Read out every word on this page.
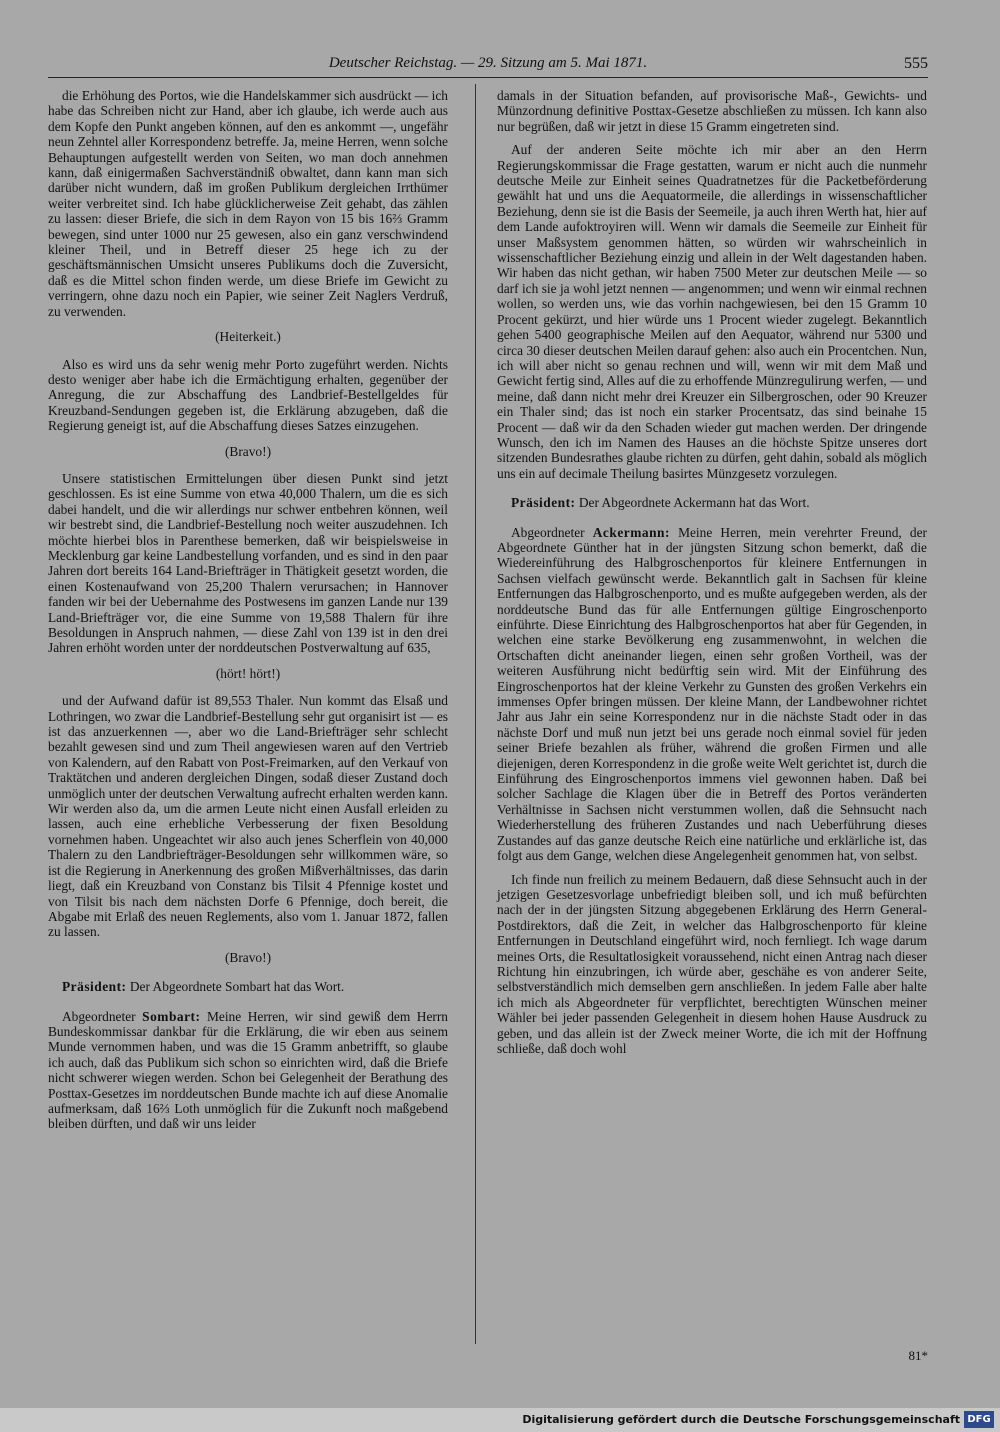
Deutscher Reichstag. — 29. Sitzung am 5. Mai 1871.	555

die Erhöhung des Portos, wie die Handelskammer sich ausdrückt — ich habe das Schreiben nicht zur Hand, aber ich glaube, ich werde auch aus dem Kopfe den Punkt angeben können, auf den es ankommt —, ungefähr neun Zehntel aller Korrespondenz betreffe. Ja, meine Herren, wenn solche Behauptungen aufgestellt werden von Seiten, wo man doch annehmen kann, daß einigermaßen Sachverständniß obwaltet, dann kann man sich darüber nicht wundern, daß im großen Publikum dergleichen Irrthümer weiter verbreitet sind. Ich habe glücklicherweise Zeit gehabt, das zählen zu lassen: dieser Briefe, die sich in dem Rayon von 15 bis 16⅔ Gramm bewegen, sind unter 1000 nur 25 gewesen, also ein ganz verschwindend kleiner Theil, und in Betreff dieser 25 hege ich zu der geschäftsmännischen Umsicht unseres Publikums doch die Zuversicht, daß es die Mittel schon finden werde, um diese Briefe im Gewicht zu verringern, ohne dazu noch ein Papier, wie seiner Zeit Naglers Verdruß, zu verwenden.

(Heiterkeit.)

Also es wird uns da sehr wenig mehr Porto zugeführt werden. Nichts desto weniger aber habe ich die Ermächtigung erhalten, gegenüber der Anregung, die zur Abschaffung des Landbrief-Bestellgeldes für Kreuzband-Sendungen gegeben ist, die Erklärung abzugeben, daß die Regierung geneigt ist, auf die Abschaffung dieses Satzes einzugehen.

(Bravo!)

Unsere statistischen Ermittelungen über diesen Punkt sind jetzt geschlossen. Es ist eine Summe von etwa 40,000 Thalern, um die es sich dabei handelt, und die wir allerdings nur schwer entbehren können, weil wir bestrebt sind, die Landbrief-Bestellung noch weiter auszudehnen. Ich möchte hierbei blos in Parenthese bemerken, daß wir beispielsweise in Mecklenburg gar keine Landbestellung vorfanden, und es sind in den paar Jahren dort bereits 164 Land-Briefträger in Thätigkeit gesetzt worden, die einen Kostenaufwand von 25,200 Thalern verursachen; in Hannover fanden wir bei der Uebernahme des Postwesens im ganzen Lande nur 139 Land-Briefträger vor, die eine Summe von 19,588 Thalern für ihre Besoldungen in Anspruch nahmen, — diese Zahl von 139 ist in den drei Jahren erhöht worden unter der norddeutschen Postverwaltung auf 635,

(hört! hört!)

und der Aufwand dafür ist 89,553 Thaler. Nun kommt das Elsaß und Lothringen, wo zwar die Landbrief-Bestellung sehr gut organisirt ist — es ist das anzuerkennen —, aber wo die Land-Briefträger sehr schlecht bezahlt gewesen sind und zum Theil angewiesen waren auf den Vertrieb von Kalendern, auf den Rabatt von Post-Freimarken, auf den Verkauf von Traktätchen und anderen dergleichen Dingen, sodaß dieser Zustand doch unmöglich unter der deutschen Verwaltung aufrecht erhalten werden kann. Wir werden also da, um die armen Leute nicht einen Ausfall erleiden zu lassen, auch eine erhebliche Verbesserung der fixen Besoldung vornehmen haben. Ungeachtet wir also auch jenes Scherflein von 40,000 Thalern zu den Landbriefträger-Besoldungen sehr willkommen wäre, so ist die Regierung in Anerkennung des großen Mißverhältnisses, das darin liegt, daß ein Kreuzband von Constanz bis Tilsit 4 Pfennige kostet und von Tilsit bis nach dem nächsten Dorfe 6 Pfennige, doch bereit, die Abgabe mit Erlaß des neuen Reglements, also vom 1. Januar 1872, fallen zu lassen.

(Bravo!)

Präsident: Der Abgeordnete Sombart hat das Wort.

Abgeordneter Sombart: Meine Herren, wir sind gewiß dem Herrn Bundeskommissar dankbar für die Erklärung, die wir eben aus seinem Munde vernommen haben, und was die 15 Gramm anbetrifft, so glaube ich auch, daß das Publikum sich schon so einrichten wird, daß die Briefe nicht schwerer wiegen werden. Schon bei Gelegenheit der Berathung des Posttax-Gesetzes im norddeutschen Bunde machte ich auf diese Anomalie aufmerksam, daß 16⅔ Loth unmöglich für die Zukunft noch maßgebend bleiben dürften, und daß wir uns leider

damals in der Situation befanden, auf provisorische Maß-, Gewichts- und Münzordnung definitive Posttax-Gesetze abschließen zu müssen. Ich kann also nur begrüßen, daß wir jetzt in diese 15 Gramm eingetreten sind.

Auf der anderen Seite möchte ich mir aber an den Herrn Regierungskommissar die Frage gestatten, warum er nicht auch die nunmehr deutsche Meile zur Einheit seines Quadratnetzes für die Packetbeförderung gewählt hat und uns die Aequatormeile, die allerdings in wissenschaftlicher Beziehung, denn sie ist die Basis der Seemeile, ja auch ihren Werth hat, hier auf dem Lande aufoktroyiren will. Wenn wir damals die Seemeile zur Einheit für unser Maßsystem genommen hätten, so würden wir wahrscheinlich in wissenschaftlicher Beziehung einzig und allein in der Welt dagestanden haben. Wir haben das nicht gethan, wir haben 7500 Meter zur deutschen Meile — so darf ich sie ja wohl jetzt nennen — angenommen; und wenn wir einmal rechnen wollen, so werden uns, wie das vorhin nachgewiesen, bei den 15 Gramm 10 Procent gekürzt, und hier würde uns 1 Procent wieder zugelegt. Bekanntlich gehen 5400 geographische Meilen auf den Aequator, während nur 5300 und circa 30 dieser deutschen Meilen darauf gehen: also auch ein Procentchen. Nun, ich will aber nicht so genau rechnen und will, wenn wir mit dem Maß und Gewicht fertig sind, Alles auf die zu erhoffende Münzregulirung werfen, — und meine, daß dann nicht mehr drei Kreuzer ein Silbergroschen, oder 90 Kreuzer ein Thaler sind; das ist noch ein starker Procentsatz, das sind beinahe 15 Procent — daß wir da den Schaden wieder gut machen werden. Der dringende Wunsch, den ich im Namen des Hauses an die höchste Spitze unseres dort sitzenden Bundesrathes glaube richten zu dürfen, geht dahin, sobald als möglich uns ein auf decimale Theilung basirtes Münzgesetz vorzulegen.

Präsident: Der Abgeordnete Ackermann hat das Wort.

Abgeordneter Ackermann: Meine Herren, mein verehrter Freund, der Abgeordnete Günther hat in der jüngsten Sitzung schon bemerkt, daß die Wiedereinführung des Halbgroschenportos für kleinere Entfernungen in Sachsen vielfach gewünscht werde. Bekanntlich galt in Sachsen für kleine Entfernungen das Halbgroschenporto, und es mußte aufgegeben werden, als der norddeutsche Bund das für alle Entfernungen gültige Eingroschenporto einführte. Diese Einrichtung des Halbgroschenportos hat aber für Gegenden, in welchen eine starke Bevölkerung eng zusammenwohnt, in welchen die Ortschaften dicht aneinander liegen, einen sehr großen Vortheil, was der weiteren Ausführung nicht bedürftig sein wird. Mit der Einführung des Eingroschenportos hat der kleine Verkehr zu Gunsten des großen Verkehrs ein immenses Opfer bringen müssen. Der kleine Mann, der Landbewohner richtet Jahr aus Jahr ein seine Korrespondenz nur in die nächste Stadt oder in das nächste Dorf und muß nun jetzt bei uns gerade noch einmal soviel für jeden seiner Briefe bezahlen als früher, während die großen Firmen und alle diejenigen, deren Korrespondenz in die große weite Welt gerichtet ist, durch die Einführung des Eingroschenportos immens viel gewonnen haben. Daß bei solcher Sachlage die Klagen über die in Betreff des Portos veränderten Verhältnisse in Sachsen nicht verstummen wollen, daß die Sehnsucht nach Wiederherstellung des früheren Zustandes und nach Ueberführung dieses Zustandes auf das ganze deutsche Reich eine natürliche und erklärliche ist, das folgt aus dem Gange, welchen diese Angelegenheit genommen hat, von selbst.

Ich finde nun freilich zu meinem Bedauern, daß diese Sehnsucht auch in der jetzigen Gesetzesvorlage unbefriedigt bleiben soll, und ich muß befürchten nach der in der jüngsten Sitzung abgegebenen Erklärung des Herrn General-Postdirektors, daß die Zeit, in welcher das Halbgroschenporto für kleine Entfernungen in Deutschland eingeführt wird, noch fernliegt. Ich wage darum meines Orts, die Resultatlosigkeit voraussehend, nicht einen Antrag nach dieser Richtung hin einzubringen, ich würde aber, geschähe es von anderer Seite, selbstverständlich mich demselben gern anschließen. In jedem Falle aber halte ich mich als Abgeordneter für verpflichtet, berechtigten Wünschen meiner Wähler bei jeder passenden Gelegenheit in diesem hohen Hause Ausdruck zu geben, und das allein ist der Zweck meiner Worte, die ich mit der Hoffnung schließe, daß doch wohl

81*
Digitalisierung gefördert durch die Deutsche Forschungsgemeinschaft DFG
